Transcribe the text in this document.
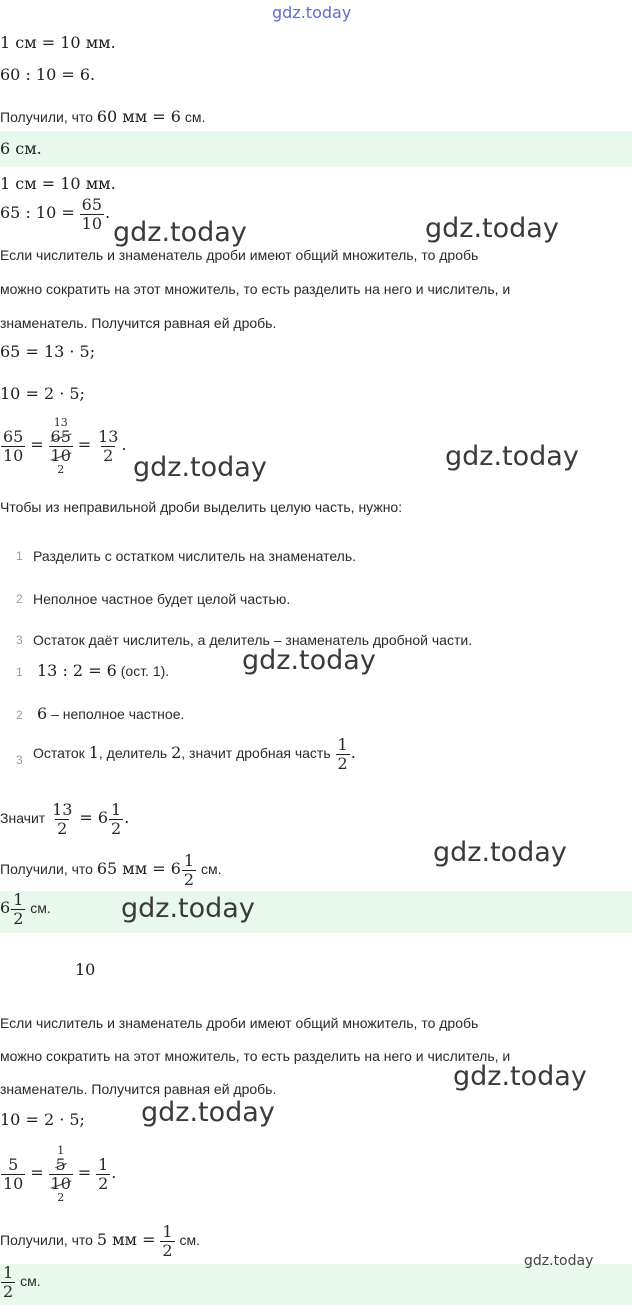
gdz.today
1 см = 10 мм.
60 : 10 = 6.
Получили, что 60 мм = 6 см.
6 см.
1 см = 10 мм.
65 : $10 = \frac{65}{10}$ .
gdz.today	gdz.today
Если числитель и знаменатель дроби имеют общий множитель, то дробь
можно сократить на этот множитель, то есть разделить на него и числитель, и
знаменатель. Получится равная ей дробь.
65 = 13 · 5;
10 = 2 · 5;
$\frac{65}{10} = 13$
65
10
$2 = \frac{13}{2}$ .
gdz.today	gdz.today
Чтобы из неправильной дроби выделить целую часть, нужно:
1 Разделить с остатком числитель на знаменатель.
2 Неполное частное будет целой частью.
3 Остаток даёт числитель, а делитель – знаменатель дробной части.
1 13 : 2 = 6 (ост. 1).	gdz.today
2 6 – неполное частное.
3 Остаток 1, делитель 2, значит дробная часть $\frac{1}{2}$ .
Значит $\frac{13}{2} = 6 \frac{1}{2}$ .
Получили, что 65 мм = $6 \frac{1}{2}$ см.
gdz.today
$6 \frac{1}{2}$ см.	gdz.today
10
Если числитель и знаменатель дроби имеют общий множитель, то дробь
можно сократить на этот множитель, то есть разделить на него и числитель, и
знаменатель. Получится равная ей дробь.	gdz.today
10 = 2 · 5; gdz.today
$\frac{5}{10} = 1$
5
10
$2 = \frac{1}{2}$ .
Получили, что 5 мм = $\frac{1}{2}$ см.
$\frac{1}{2}$ см.
gdz.today
